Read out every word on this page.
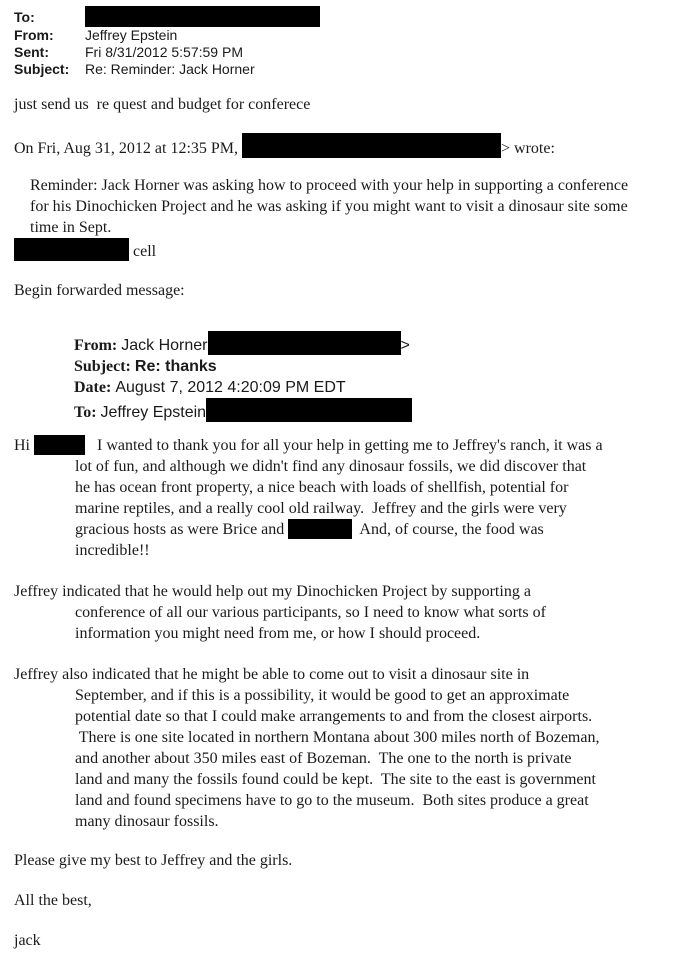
To:
From: Jeffrey Epstein
Sent:	Fri 8/31/2012 5:57:59 PM
Subject: Re: Reminder: Jack Horner
just send us  re quest and budget for conferece
On Fri, Aug 31, 2012 at 12:35 PM,	> wrote:
Reminder: Jack Horner was asking how to proceed with your help in supporting a conference
for his Dinochicken Project and he was asking if you might want to visit a dinosaur site some
time in Sept.
cell
Begin forwarded message:
From: Jack Horner	>
Subject: Re: thanks
Date: August 7, 2012 4:20:09 PM EDT
To: Jeffrey Epstein
Hi	I wanted to thank you for all your help in getting me to Jeffrey's ranch, it was a
lot of fun, and although we didn't find any dinosaur fossils, we did discover that
he has ocean front property, a nice beach with loads of shellfish, potential for
marine reptiles, and a really cool old railway.  Jeffrey and the girls were very
gracious hosts as were Brice and	And, of course, the food was
incredible!!
Jeffrey indicated that he would help out my Dinochicken Project by supporting a
conference of all our various participants, so I need to know what sorts of
information you might need from me, or how I should proceed.
Jeffrey also indicated that he might be able to come out to visit a dinosaur site in
September, and if this is a possibility, it would be good to get an approximate
potential date so that I could make arrangements to and from the closest airports.
There is one site located in northern Montana about 300 miles north of Bozeman,
and another about 350 miles east of Bozeman.  The one to the north is private
land and many the fossils found could be kept.  The site to the east is government
land and found specimens have to go to the museum.  Both sites produce a great
many dinosaur fossils.
Please give my best to Jeffrey and the girls.
All the best,
jack
